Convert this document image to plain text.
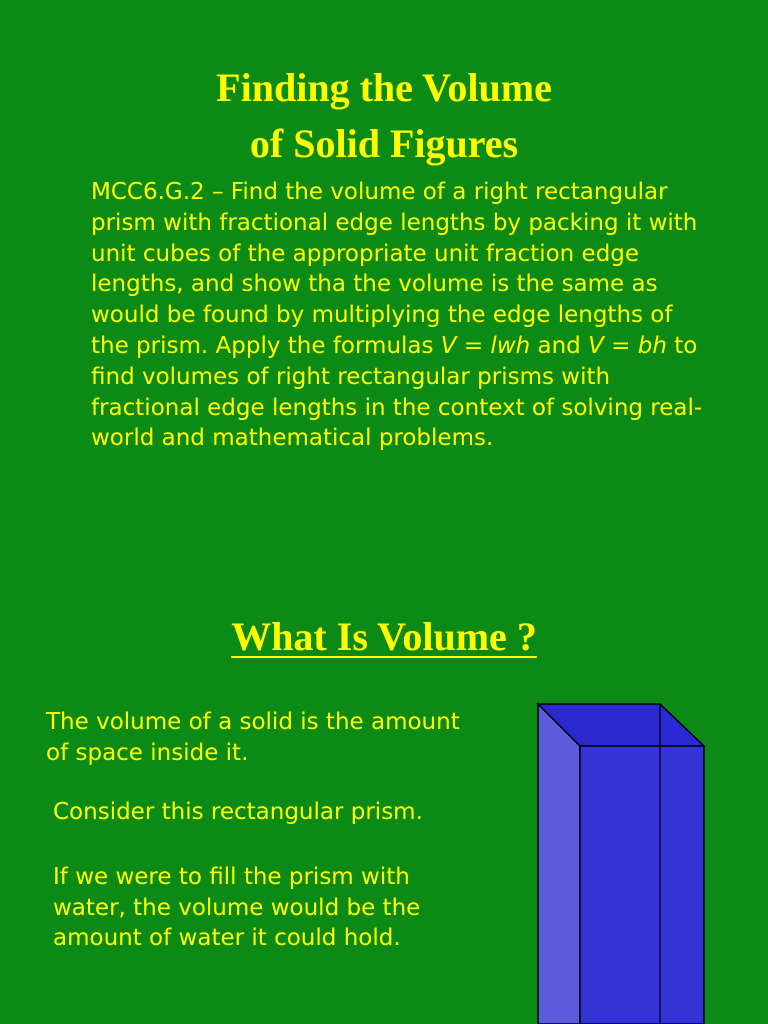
Finding the Volume
of Solid Figures

MCC6.G.2 – Find the volume of a right rectangular prism with fractional edge lengths by packing it with unit cubes of the appropriate unit fraction edge lengths, and show tha the volume is the same as would be found by multiplying the edge lengths of the prism. Apply the formulas V = lwh and V = bh to find volumes of right rectangular prisms with fractional edge lengths in the context of solving real-world and mathematical problems.

What Is Volume ?

The volume of a solid is the amount of space inside it.

Consider this rectangular prism.

If we were to fill the prism with water, the volume would be the amount of water it could hold.
